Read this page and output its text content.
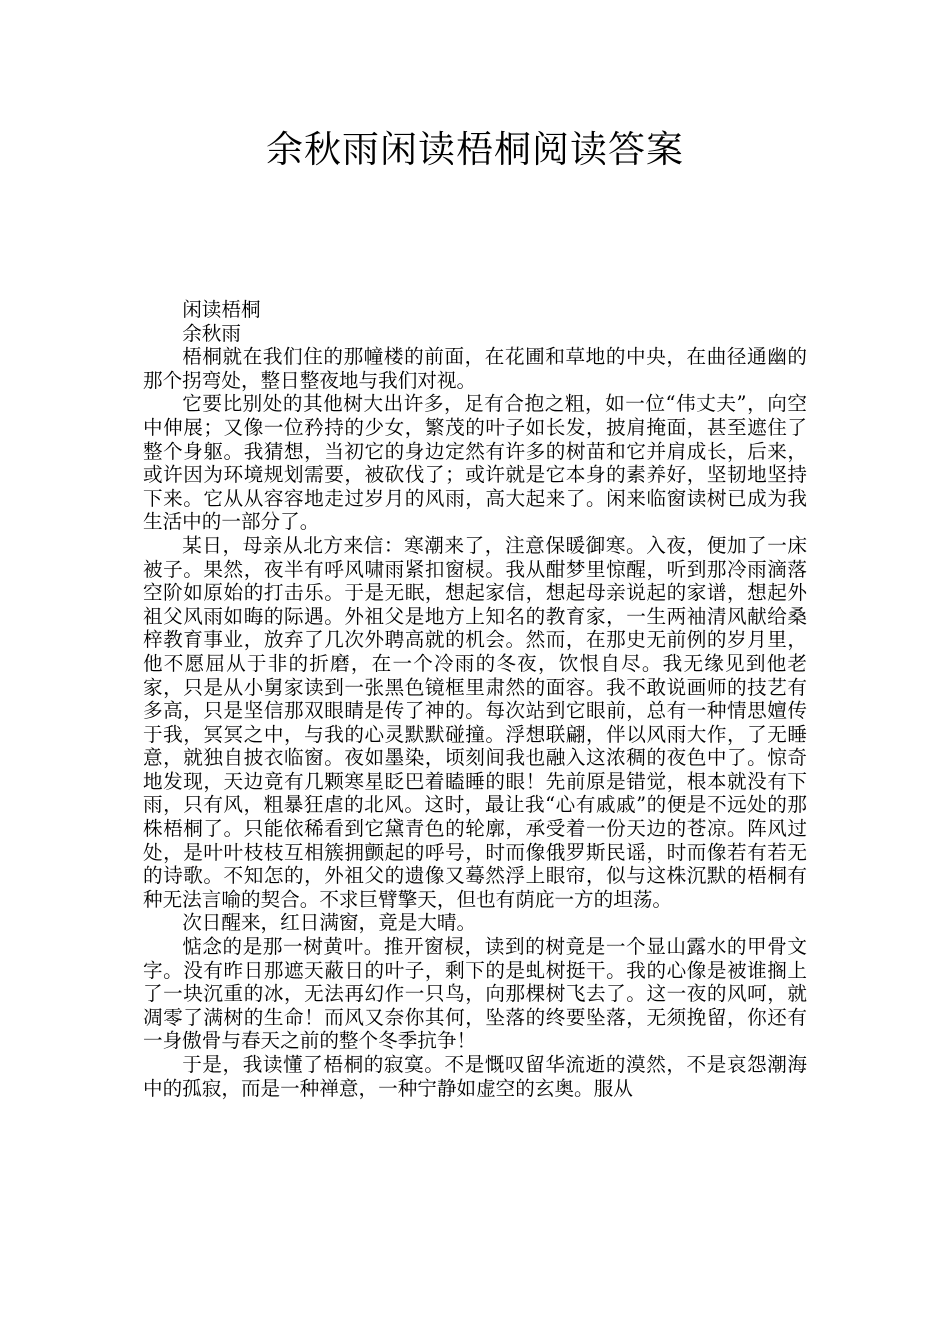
余秋雨闲读梧桐阅读答案

闲读梧桐

余秋雨

梧桐就在我们住的那幢楼的前面，在花圃和草地的中央，在曲径通幽的那个拐弯处，整日整夜地与我们对视。

它要比别处的其他树大出许多，足有合抱之粗，如一位“伟丈夫”，向空中伸展；又像一位矜持的少女，繁茂的叶子如长发，披肩掩面，甚至遮住了整个身躯。我猜想，当初它的身边定然有许多的树苗和它并肩成长，后来，或许因为环境规划需要，被砍伐了；或许就是它本身的素养好，坚韧地坚持下来。它从从容容地走过岁月的风雨，高大起来了。闲来临窗读树已成为我生活中的一部分了。

某日，母亲从北方来信：寒潮来了，注意保暖御寒。入夜，便加了一床被子。果然，夜半有呼风啸雨紧扣窗棂。我从酣梦里惊醒，听到那冷雨滴落空阶如原始的打击乐。于是无眠，想起家信，想起母亲说起的家谱，想起外祖父风雨如晦的际遇。外祖父是地方上知名的教育家，一生两袖清风献给桑梓教育事业，放弃了几次外聘高就的机会。然而，在那史无前例的岁月里，他不愿屈从于非的折磨，在一个冷雨的冬夜，饮恨自尽。我无缘见到他老家，只是从小舅家读到一张黑色镜框里肃然的面容。我不敢说画师的技艺有多高，只是坚信那双眼睛是传了神的。每次站到它眼前，总有一种情思嬗传于我，冥冥之中，与我的心灵默默碰撞。浮想联翩，伴以风雨大作，了无睡意，就独自披衣临窗。夜如墨染，顷刻间我也融入这浓稠的夜色中了。惊奇地发现，天边竟有几颗寒星眨巴着瞌睡的眼！先前原是错觉，根本就没有下雨，只有风，粗暴狂虐的北风。这时，最让我“心有戚戚”的便是不远处的那株梧桐了。只能依稀看到它黛青色的轮廓，承受着一份天边的苍凉。阵风过处，是叶叶枝枝互相簇拥颤起的呼号，时而像俄罗斯民谣，时而像若有若无的诗歌。不知怎的，外祖父的遗像又蓦然浮上眼帘，似与这株沉默的梧桐有种无法言喻的契合。不求巨臂擎天，但也有荫庇一方的坦荡。

次日醒来，红日满窗，竟是大晴。

惦念的是那一树黄叶。推开窗棂，读到的树竟是一个显山露水的甲骨文字。没有昨日那遮天蔽日的叶子，剩下的是虬树挺干。我的心像是被谁搁上了一块沉重的冰，无法再幻作一只鸟，向那棵树飞去了。这一夜的风呵，就凋零了满树的生命！而风又奈你其何，坠落的终要坠落，无须挽留，你还有一身傲骨与春天之前的整个冬季抗争！

于是，我读懂了梧桐的寂寞。不是慨叹留华流逝的漠然，不是哀怨潮海中的孤寂，而是一种禅意，一种宁静如虚空的玄奥。服从
